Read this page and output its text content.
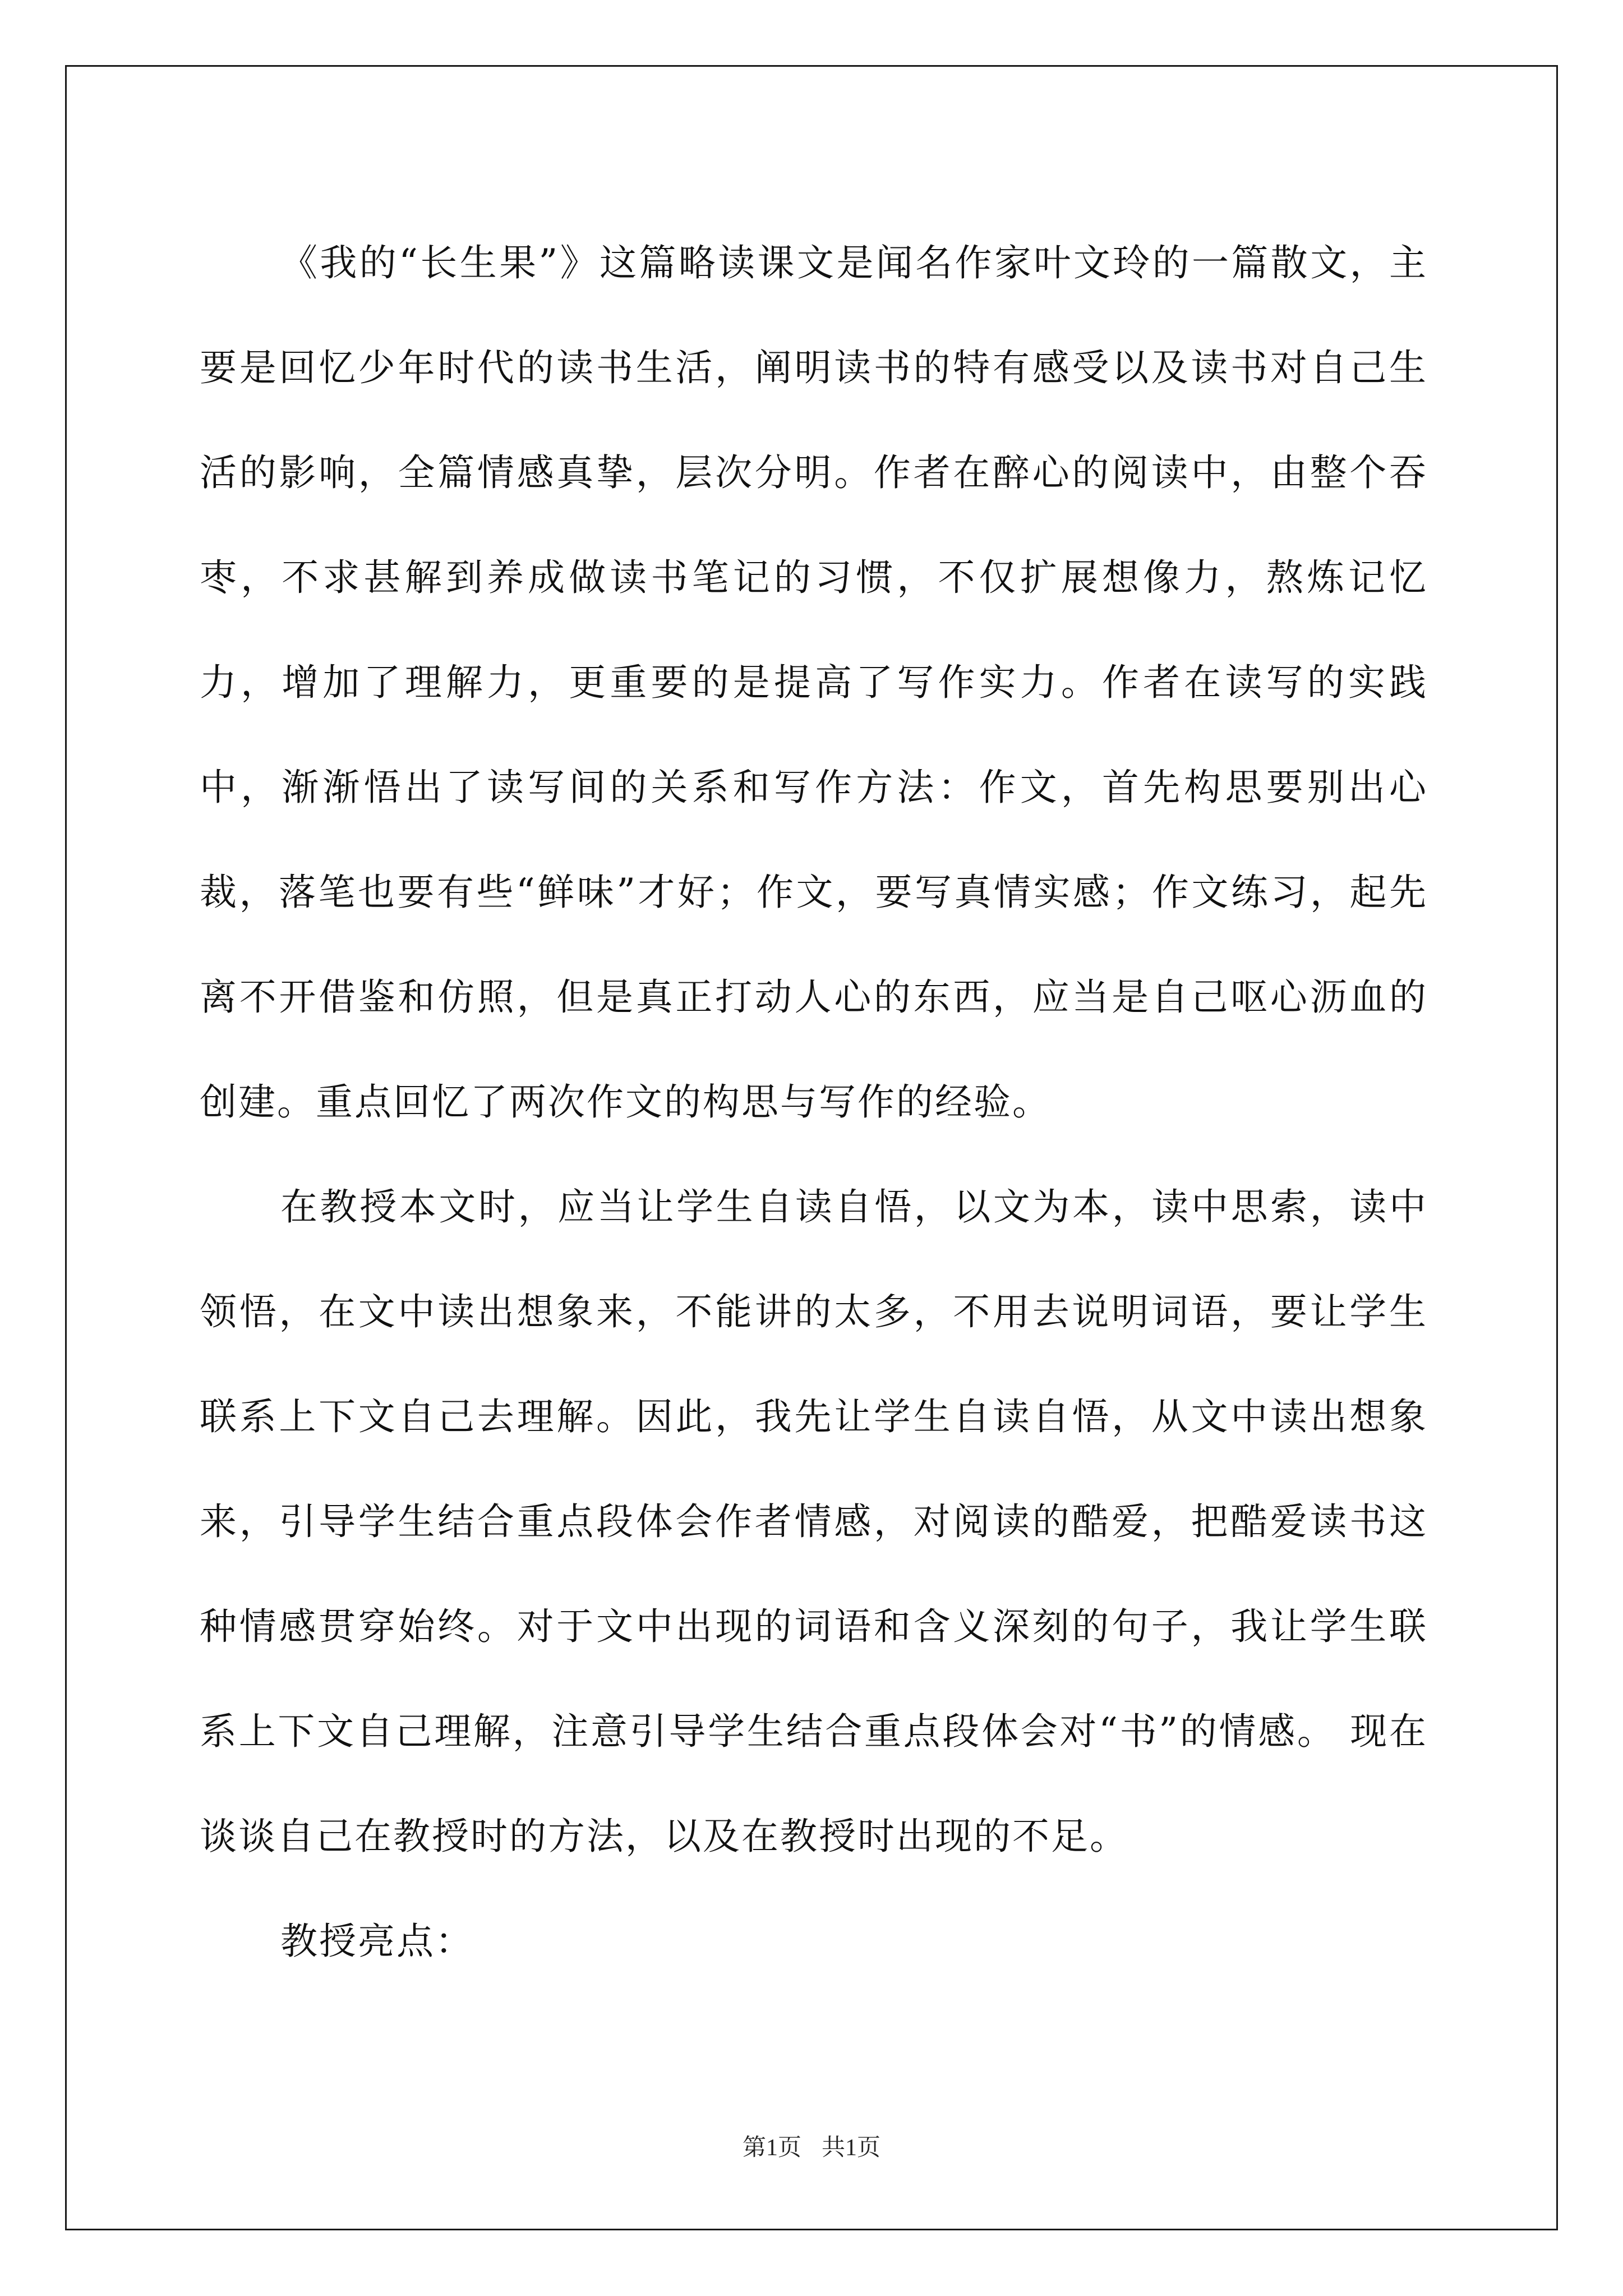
《我的“长生果”》这篇略读课文是闻名作家叶文玲的一篇散文，主要是回忆少年时代的读书生活，阐明读书的特有感受以及读书对自己生活的影响，全篇情感真挚，层次分明。作者在醉心的阅读中，由整个吞枣，不求甚解到养成做读书笔记的习惯，不仅扩展想像力，熬炼记忆力，增加了理解力，更重要的是提高了写作实力。作者在读写的实践中，渐渐悟出了读写间的关系和写作方法：作文，首先构思要别出心裁，落笔也要有些“鲜味”才好；作文，要写真情实感；作文练习，起先离不开借鉴和仿照，但是真正打动人心的东西，应当是自己呕心沥血的创建。重点回忆了两次作文的构思与写作的经验。

在教授本文时，应当让学生自读自悟，以文为本，读中思索，读中领悟，在文中读出想象来，不能讲的太多，不用去说明词语，要让学生联系上下文自己去理解。因此，我先让学生自读自悟，从文中读出想象来，引导学生结合重点段体会作者情感，对阅读的酷爱，把酷爱读书这种情感贯穿始终。对于文中出现的词语和含义深刻的句子，我让学生联系上下文自己理解，注意引导学生结合重点段体会对“书”的情感。 现在谈谈自己在教授时的方法，以及在教授时出现的不足。

教授亮点：

第1页 共1页
